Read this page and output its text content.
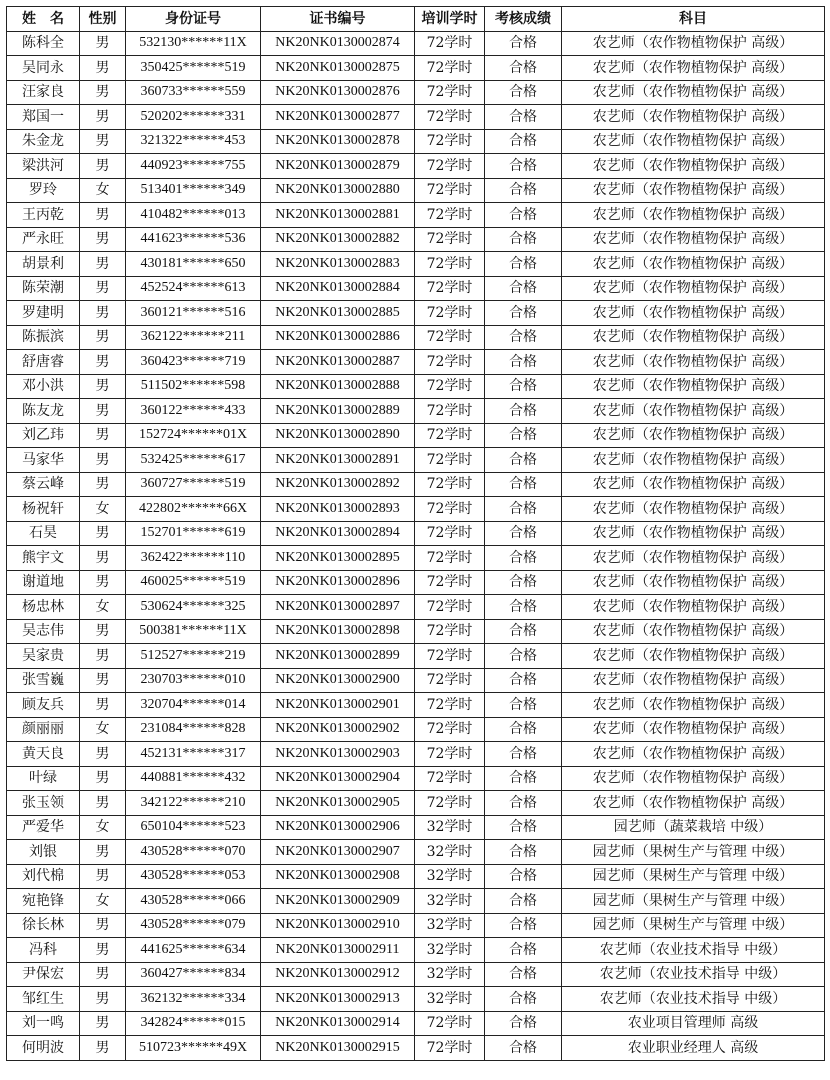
姓　名	性别	身份证号	证书编号	培训学时	考核成绩	科目
陈科全	男	532130******11X	NK20NK0130002874	72学时	合格	农艺师（农作物植物保护 高级）
吴同永	男	350425******519	NK20NK0130002875	72学时	合格	农艺师（农作物植物保护 高级）
汪家良	男	360733******559	NK20NK0130002876	72学时	合格	农艺师（农作物植物保护 高级）
郑国一	男	520202******331	NK20NK0130002877	72学时	合格	农艺师（农作物植物保护 高级）
朱金龙	男	321322******453	NK20NK0130002878	72学时	合格	农艺师（农作物植物保护 高级）
梁洪河	男	440923******755	NK20NK0130002879	72学时	合格	农艺师（农作物植物保护 高级）
罗玲	女	513401******349	NK20NK0130002880	72学时	合格	农艺师（农作物植物保护 高级）
王丙乾	男	410482******013	NK20NK0130002881	72学时	合格	农艺师（农作物植物保护 高级）
严永旺	男	441623******536	NK20NK0130002882	72学时	合格	农艺师（农作物植物保护 高级）
胡景利	男	430181******650	NK20NK0130002883	72学时	合格	农艺师（农作物植物保护 高级）
陈荣潮	男	452524******613	NK20NK0130002884	72学时	合格	农艺师（农作物植物保护 高级）
罗建明	男	360121******516	NK20NK0130002885	72学时	合格	农艺师（农作物植物保护 高级）
陈振滨	男	362122******211	NK20NK0130002886	72学时	合格	农艺师（农作物植物保护 高级）
舒唐睿	男	360423******719	NK20NK0130002887	72学时	合格	农艺师（农作物植物保护 高级）
邓小洪	男	511502******598	NK20NK0130002888	72学时	合格	农艺师（农作物植物保护 高级）
陈友龙	男	360122******433	NK20NK0130002889	72学时	合格	农艺师（农作物植物保护 高级）
刘乙玮	男	152724******01X	NK20NK0130002890	72学时	合格	农艺师（农作物植物保护 高级）
马家华	男	532425******617	NK20NK0130002891	72学时	合格	农艺师（农作物植物保护 高级）
蔡云峰	男	360727******519	NK20NK0130002892	72学时	合格	农艺师（农作物植物保护 高级）
杨祝轩	女	422802******66X	NK20NK0130002893	72学时	合格	农艺师（农作物植物保护 高级）
石昊	男	152701******619	NK20NK0130002894	72学时	合格	农艺师（农作物植物保护 高级）
熊宇文	男	362422******110	NK20NK0130002895	72学时	合格	农艺师（农作物植物保护 高级）
谢道地	男	460025******519	NK20NK0130002896	72学时	合格	农艺师（农作物植物保护 高级）
杨忠林	女	530624******325	NK20NK0130002897	72学时	合格	农艺师（农作物植物保护 高级）
吴志伟	男	500381******11X	NK20NK0130002898	72学时	合格	农艺师（农作物植物保护 高级）
吴家贵	男	512527******219	NK20NK0130002899	72学时	合格	农艺师（农作物植物保护 高级）
张雪巍	男	230703******010	NK20NK0130002900	72学时	合格	农艺师（农作物植物保护 高级）
顾友兵	男	320704******014	NK20NK0130002901	72学时	合格	农艺师（农作物植物保护 高级）
颜丽丽	女	231084******828	NK20NK0130002902	72学时	合格	农艺师（农作物植物保护 高级）
黄天良	男	452131******317	NK20NK0130002903	72学时	合格	农艺师（农作物植物保护 高级）
叶绿	男	440881******432	NK20NK0130002904	72学时	合格	农艺师（农作物植物保护 高级）
张玉领	男	342122******210	NK20NK0130002905	72学时	合格	农艺师（农作物植物保护 高级）
严爱华	女	650104******523	NK20NK0130002906	32学时	合格	园艺师（蔬菜栽培 中级）
刘银	男	430528******070	NK20NK0130002907	32学时	合格	园艺师（果树生产与管理 中级）
刘代棉	男	430528******053	NK20NK0130002908	32学时	合格	园艺师（果树生产与管理 中级）
宛艳锋	女	430528******066	NK20NK0130002909	32学时	合格	园艺师（果树生产与管理 中级）
徐长林	男	430528******079	NK20NK0130002910	32学时	合格	园艺师（果树生产与管理 中级）
冯科	男	441625******634	NK20NK0130002911	32学时	合格	农艺师（农业技术指导 中级）
尹保宏	男	360427******834	NK20NK0130002912	32学时	合格	农艺师（农业技术指导 中级）
邹红生	男	362132******334	NK20NK0130002913	32学时	合格	农艺师（农业技术指导 中级）
刘一鸣	男	342824******015	NK20NK0130002914	72学时	合格	农业项目管理师 高级
何明波	男	510723******49X	NK20NK0130002915	72学时	合格	农业职业经理人 高级
